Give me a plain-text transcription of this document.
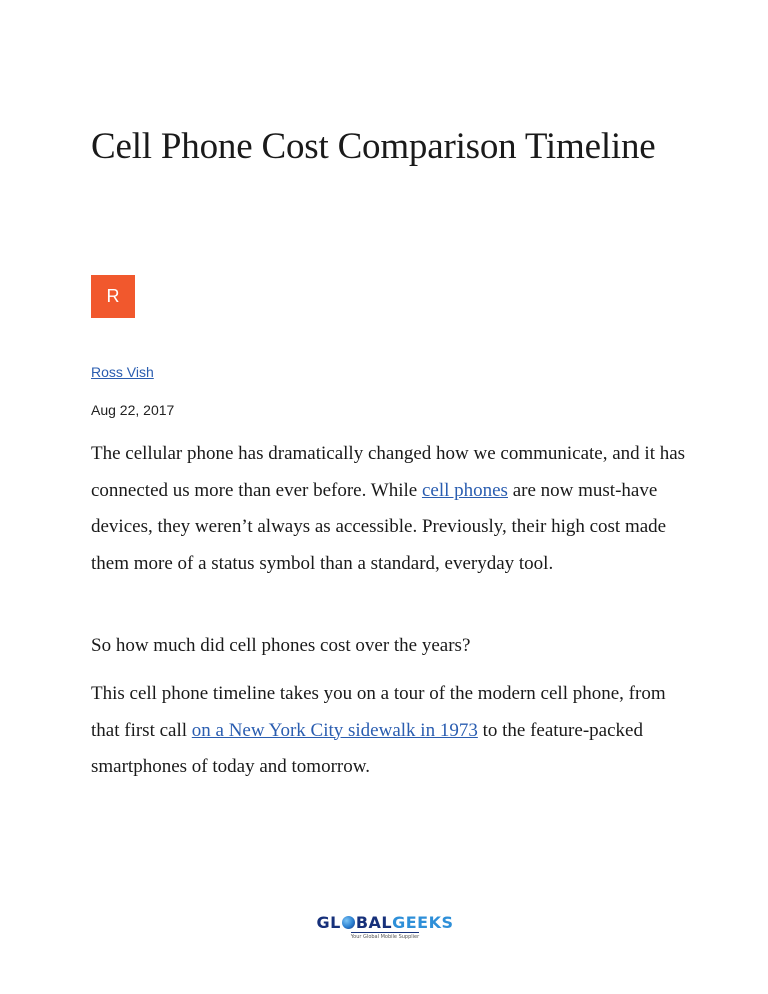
Cell Phone Cost Comparison Timeline
R
Ross Vish
Aug 22, 2017

The cellular phone has dramatically changed how we communicate, and it has connected us more than ever before. While cell phones are now must-have devices, they weren’t always as accessible. Previously, their high cost made them more of a status symbol than a standard, everyday tool.

So how much did cell phones cost over the years?

This cell phone timeline takes you on a tour of the modern cell phone, from that first call on a New York City sidewalk in 1973 to the feature-packed smartphones of today and tomorrow.

GL BALGEEKS
Your Global Mobile Supplier
